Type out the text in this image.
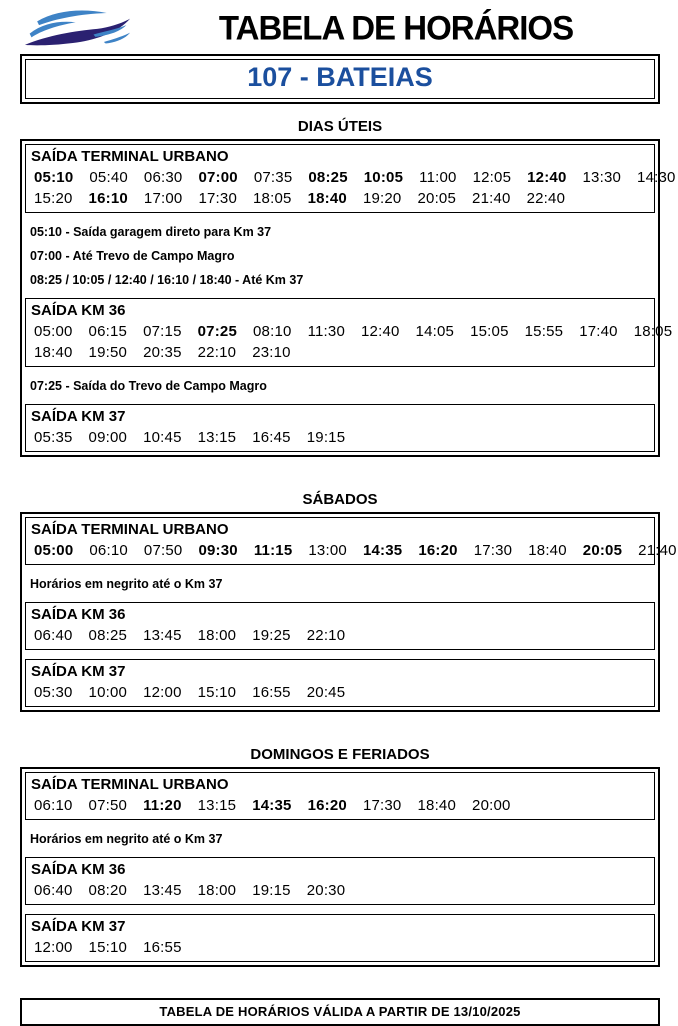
TABELA DE HORÁRIOS
107 - BATEIAS
DIAS ÚTEIS
SAÍDA TERMINAL URBANO
05:10 05:40 06:30 07:00 07:35 08:25 10:05 11:00 12:05 12:40 13:30 14:30
15:20 16:10 17:00 17:30 18:05 18:40 19:20 20:05 21:40 22:40
05:10 - Saída garagem direto para Km 37
07:00 - Até Trevo de Campo Magro
08:25 / 10:05 / 12:40 / 16:10 / 18:40 - Até Km 37
SAÍDA KM 36
05:00 06:15 07:15 07:25 08:10 11:30 12:40 14:05 15:05 15:55 17:40 18:05
18:40 19:50 20:35 22:10 23:10
07:25 - Saída do Trevo de Campo Magro
SAÍDA KM 37
05:35 09:00 10:45 13:15 16:45 19:15
SÁBADOS
SAÍDA TERMINAL URBANO
05:00 06:10 07:50 09:30 11:15 13:00 14:35 16:20 17:30 18:40 20:05 21:40
Horários em negrito até o Km 37
SAÍDA KM 36
06:40 08:25 13:45 18:00 19:25 22:10
SAÍDA KM 37
05:30 10:00 12:00 15:10 16:55 20:45
DOMINGOS E FERIADOS
SAÍDA TERMINAL URBANO
06:10 07:50 11:20 13:15 14:35 16:20 17:30 18:40 20:00
Horários em negrito até o Km 37
SAÍDA KM 36
06:40 08:20 13:45 18:00 19:15 20:30
SAÍDA KM 37
12:00 15:10 16:55
TABELA DE HORÁRIOS VÁLIDA A PARTIR DE 13/10/2025
